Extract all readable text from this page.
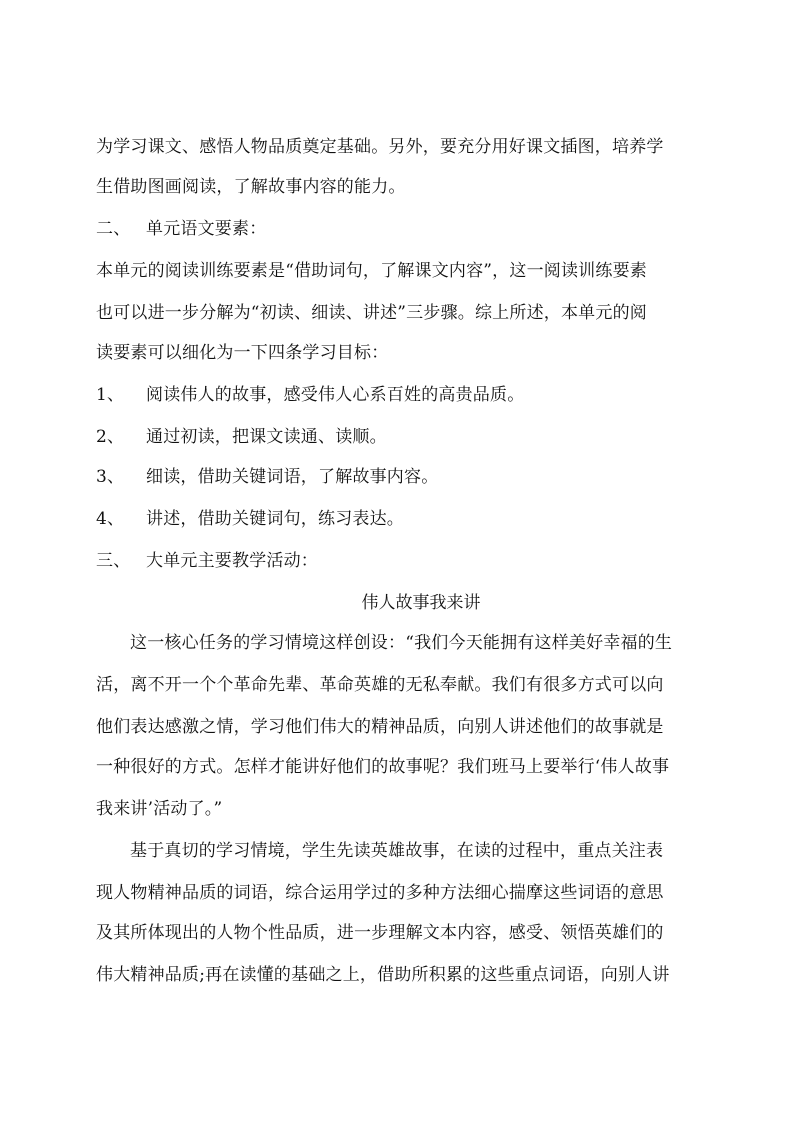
为学习课文、感悟人物品质奠定基础。另外，要充分用好课文插图，培养学
生借助图画阅读，了解故事内容的能力。
二、 单元语文要素：
本单元的阅读训练要素是“借助词句，了解课文内容”，这一阅读训练要素
也可以进一步分解为“初读、细读、讲述”三步骤。综上所述，本单元的阅
读要素可以细化为一下四条学习目标：
1、 阅读伟人的故事，感受伟人心系百姓的高贵品质。
2、 通过初读，把课文读通、读顺。
3、 细读，借助关键词语，了解故事内容。
4、 讲述，借助关键词句，练习表达。
三、 大单元主要教学活动：
伟人故事我来讲
这一核心任务的学习情境这样创设：“我们今天能拥有这样美好幸福的生
活，离不开一个个革命先辈、革命英雄的无私奉献。我们有很多方式可以向
他们表达感激之情，学习他们伟大的精神品质，向别人讲述他们的故事就是
一种很好的方式。怎样才能讲好他们的故事呢？我们班马上要举行‘伟人故事
我来讲’活动了。”
基于真切的学习情境，学生先读英雄故事，在读的过程中，重点关注表
现人物精神品质的词语，综合运用学过的多种方法细心揣摩这些词语的意思
及其所体现出的人物个性品质，进一步理解文本内容，感受、领悟英雄们的
伟大精神品质;再在读懂的基础之上，借助所积累的这些重点词语，向别人讲
